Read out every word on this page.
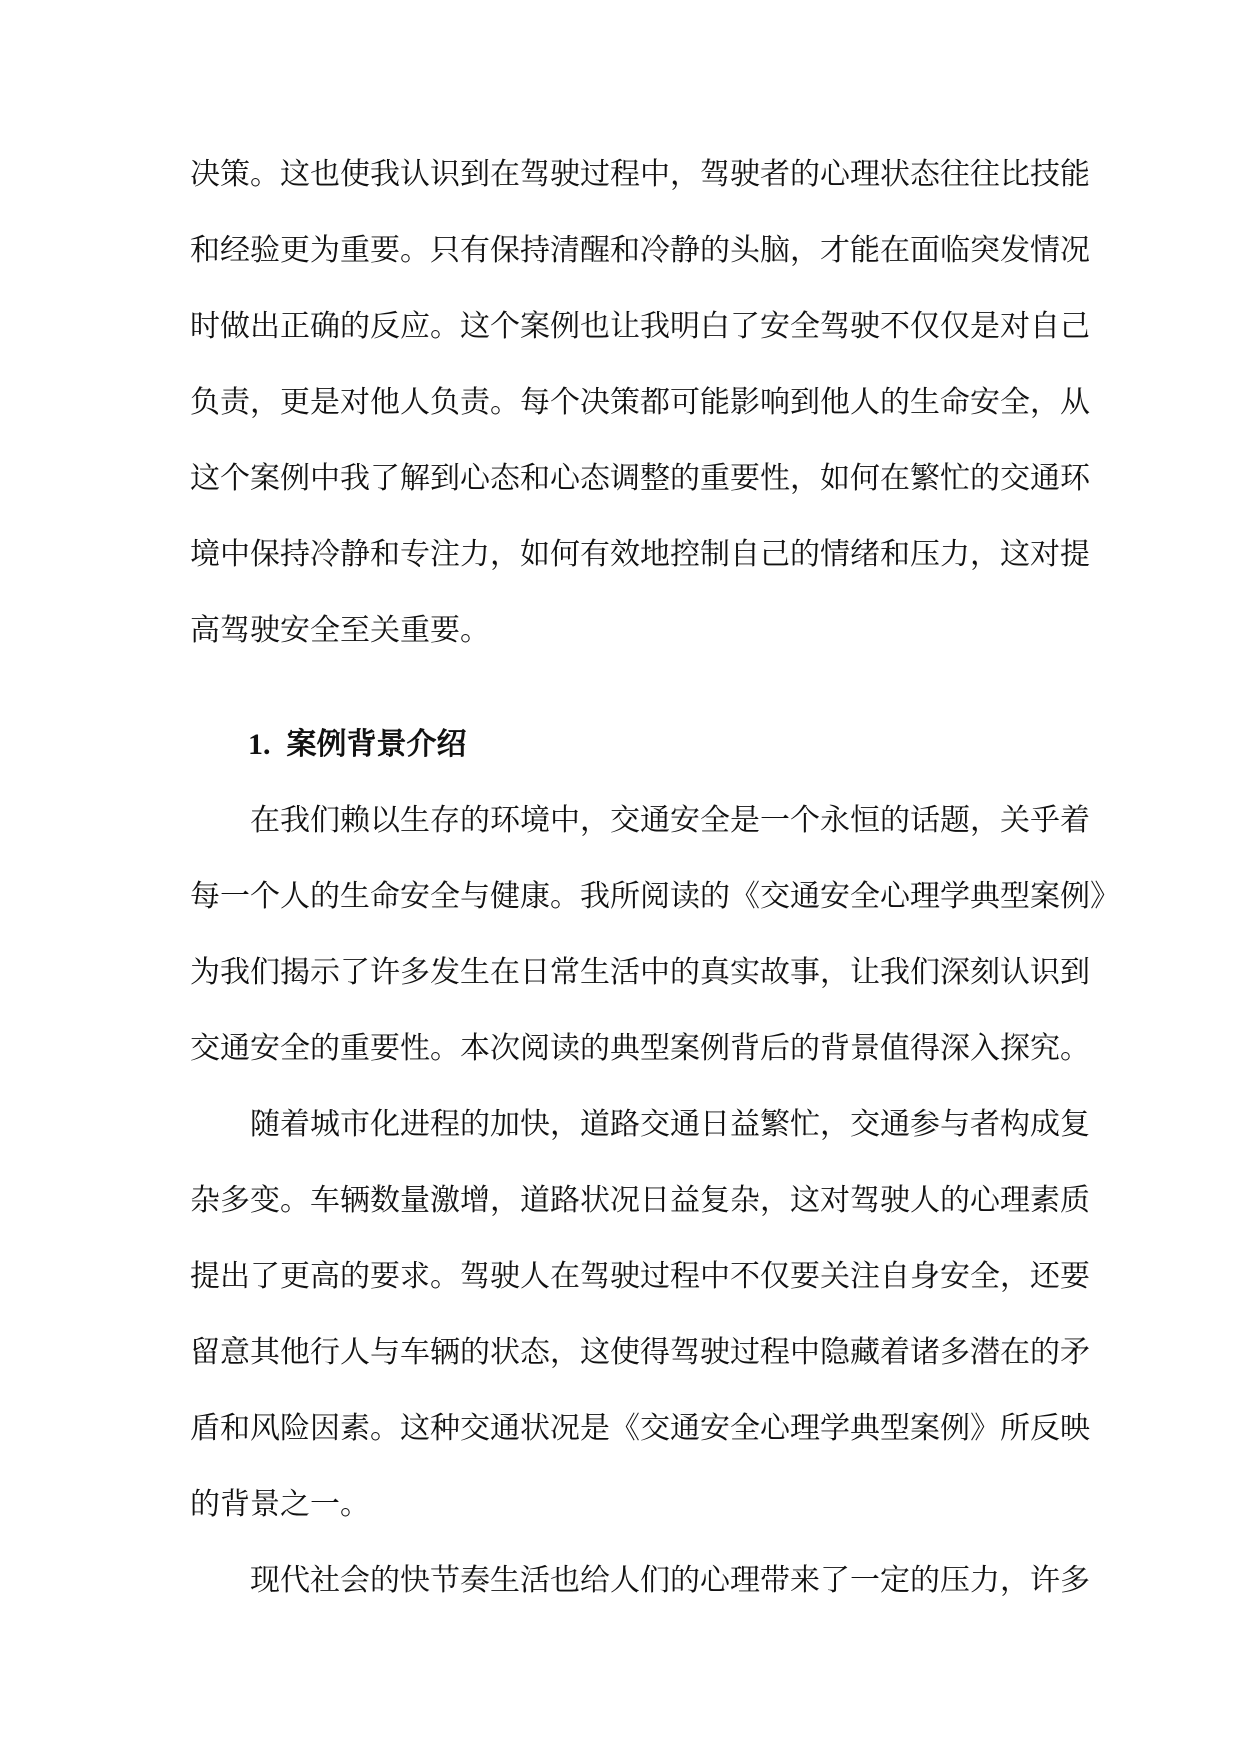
决策。这也使我认识到在驾驶过程中，驾驶者的心理状态往往比技能
和经验更为重要。只有保持清醒和冷静的头脑，才能在面临突发情况
时做出正确的反应。这个案例也让我明白了安全驾驶不仅仅是对自己
负责，更是对他人负责。每个决策都可能影响到他人的生命安全，从
这个案例中我了解到心态和心态调整的重要性，如何在繁忙的交通环
境中保持冷静和专注力，如何有效地控制自己的情绪和压力，这对提
高驾驶安全至关重要。
1. 案例背景介绍
在我们赖以生存的环境中，交通安全是一个永恒的话题，关乎着
每一个人的生命安全与健康。我所阅读的《交通安全心理学典型案例》
为我们揭示了许多发生在日常生活中的真实故事，让我们深刻认识到
交通安全的重要性。本次阅读的典型案例背后的背景值得深入探究。
随着城市化进程的加快，道路交通日益繁忙，交通参与者构成复
杂多变。车辆数量激增，道路状况日益复杂，这对驾驶人的心理素质
提出了更高的要求。驾驶人在驾驶过程中不仅要关注自身安全，还要
留意其他行人与车辆的状态，这使得驾驶过程中隐藏着诸多潜在的矛
盾和风险因素。这种交通状况是《交通安全心理学典型案例》所反映
的背景之一。
现代社会的快节奏生活也给人们的心理带来了一定的压力，许多
